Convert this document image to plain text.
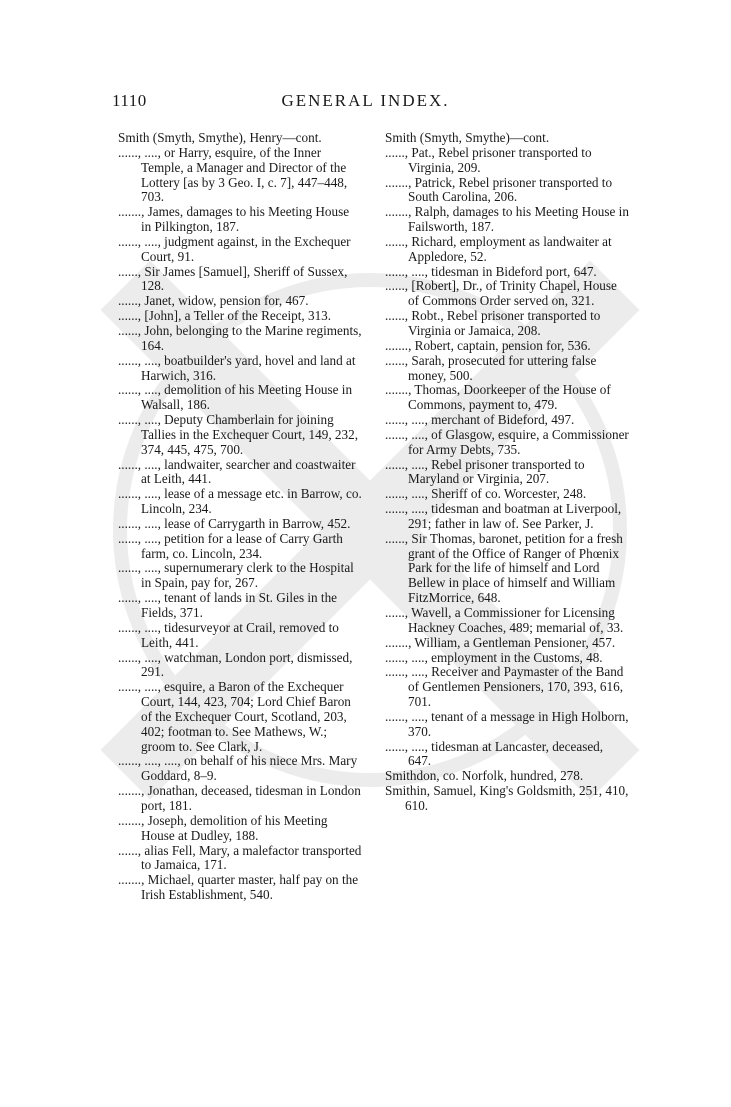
1110	GENERAL INDEX.

Smith (Smyth, Smythe), Henry—cont.

......, ...., or Harry, esquire, of the Inner Temple, a Manager and Director of the Lottery [as by 3 Geo. I, c. 7], 447–448, 703.

......., James, damages to his Meeting House in Pilkington, 187.

......, ...., judgment against, in the Exchequer Court, 91.

......, Sir James [Samuel], Sheriff of Sussex, 128.

......, Janet, widow, pension for, 467.

......, [John], a Teller of the Receipt, 313.

......, John, belonging to the Marine regiments, 164.

......, ...., boatbuilder's yard, hovel and land at Harwich, 316.

......, ...., demolition of his Meeting House in Walsall, 186.

......, ...., Deputy Chamberlain for joining Tallies in the Exchequer Court, 149, 232, 374, 445, 475, 700.

......, ...., landwaiter, searcher and coastwaiter at Leith, 441.

......, ...., lease of a message etc. in Barrow, co. Lincoln, 234.

......, ...., lease of Carrygarth in Barrow, 452.

......, ...., petition for a lease of Carry Garth farm, co. Lincoln, 234.

......, ...., supernumerary clerk to the Hospital in Spain, pay for, 267.

......, ...., tenant of lands in St. Giles in the Fields, 371.

......, ...., tidesurveyor at Crail, removed to Leith, 441.

......, ...., watchman, London port, dismissed, 291.

......, ...., esquire, a Baron of the Exchequer Court, 144, 423, 704; Lord Chief Baron of the Exchequer Court, Scotland, 203, 402; footman to. See Mathews, W.; groom to. See Clark, J.

......, ...., ...., on behalf of his niece Mrs. Mary Goddard, 8–9.

......., Jonathan, deceased, tidesman in London port, 181.

......., Joseph, demolition of his Meeting House at Dudley, 188.

......, alias Fell, Mary, a malefactor transported to Jamaica, 171.

......., Michael, quarter master, half pay on the Irish Establishment, 540.

Smith (Smyth, Smythe)—cont.

......, Pat., Rebel prisoner transported to Virginia, 209.

......., Patrick, Rebel prisoner transported to South Carolina, 206.

......., Ralph, damages to his Meeting House in Failsworth, 187.

......, Richard, employment as landwaiter at Appledore, 52.

......, ...., tidesman in Bideford port, 647.

......, [Robert], Dr., of Trinity Chapel, House of Commons Order served on, 321.

......, Robt., Rebel prisoner transported to Virginia or Jamaica, 208.

......., Robert, captain, pension for, 536.

......, Sarah, prosecuted for uttering false money, 500.

......., Thomas, Doorkeeper of the House of Commons, payment to, 479.

......, ...., merchant of Bideford, 497.

......, ...., of Glasgow, esquire, a Commissioner for Army Debts, 735.

......, ...., Rebel prisoner transported to Maryland or Virginia, 207.

......, ...., Sheriff of co. Worcester, 248.

......, ...., tidesman and boatman at Liverpool, 291; father in law of. See Parker, J.

......, Sir Thomas, baronet, petition for a fresh grant of the Office of Ranger of Phœnix Park for the life of himself and Lord Bellew in place of himself and William FitzMorrice, 648.

......, Wavell, a Commissioner for Licensing Hackney Coaches, 489; memarial of, 33.

......., William, a Gentleman Pensioner, 457.

......, ...., employment in the Customs, 48.

......, ...., Receiver and Paymaster of the Band of Gentlemen Pensioners, 170, 393, 616, 701.

......, ...., tenant of a message in High Holborn, 370.

......, ...., tidesman at Lancaster, deceased, 647.

Smithdon, co. Norfolk, hundred, 278.

Smithin, Samuel, King's Goldsmith, 251, 410, 610.
